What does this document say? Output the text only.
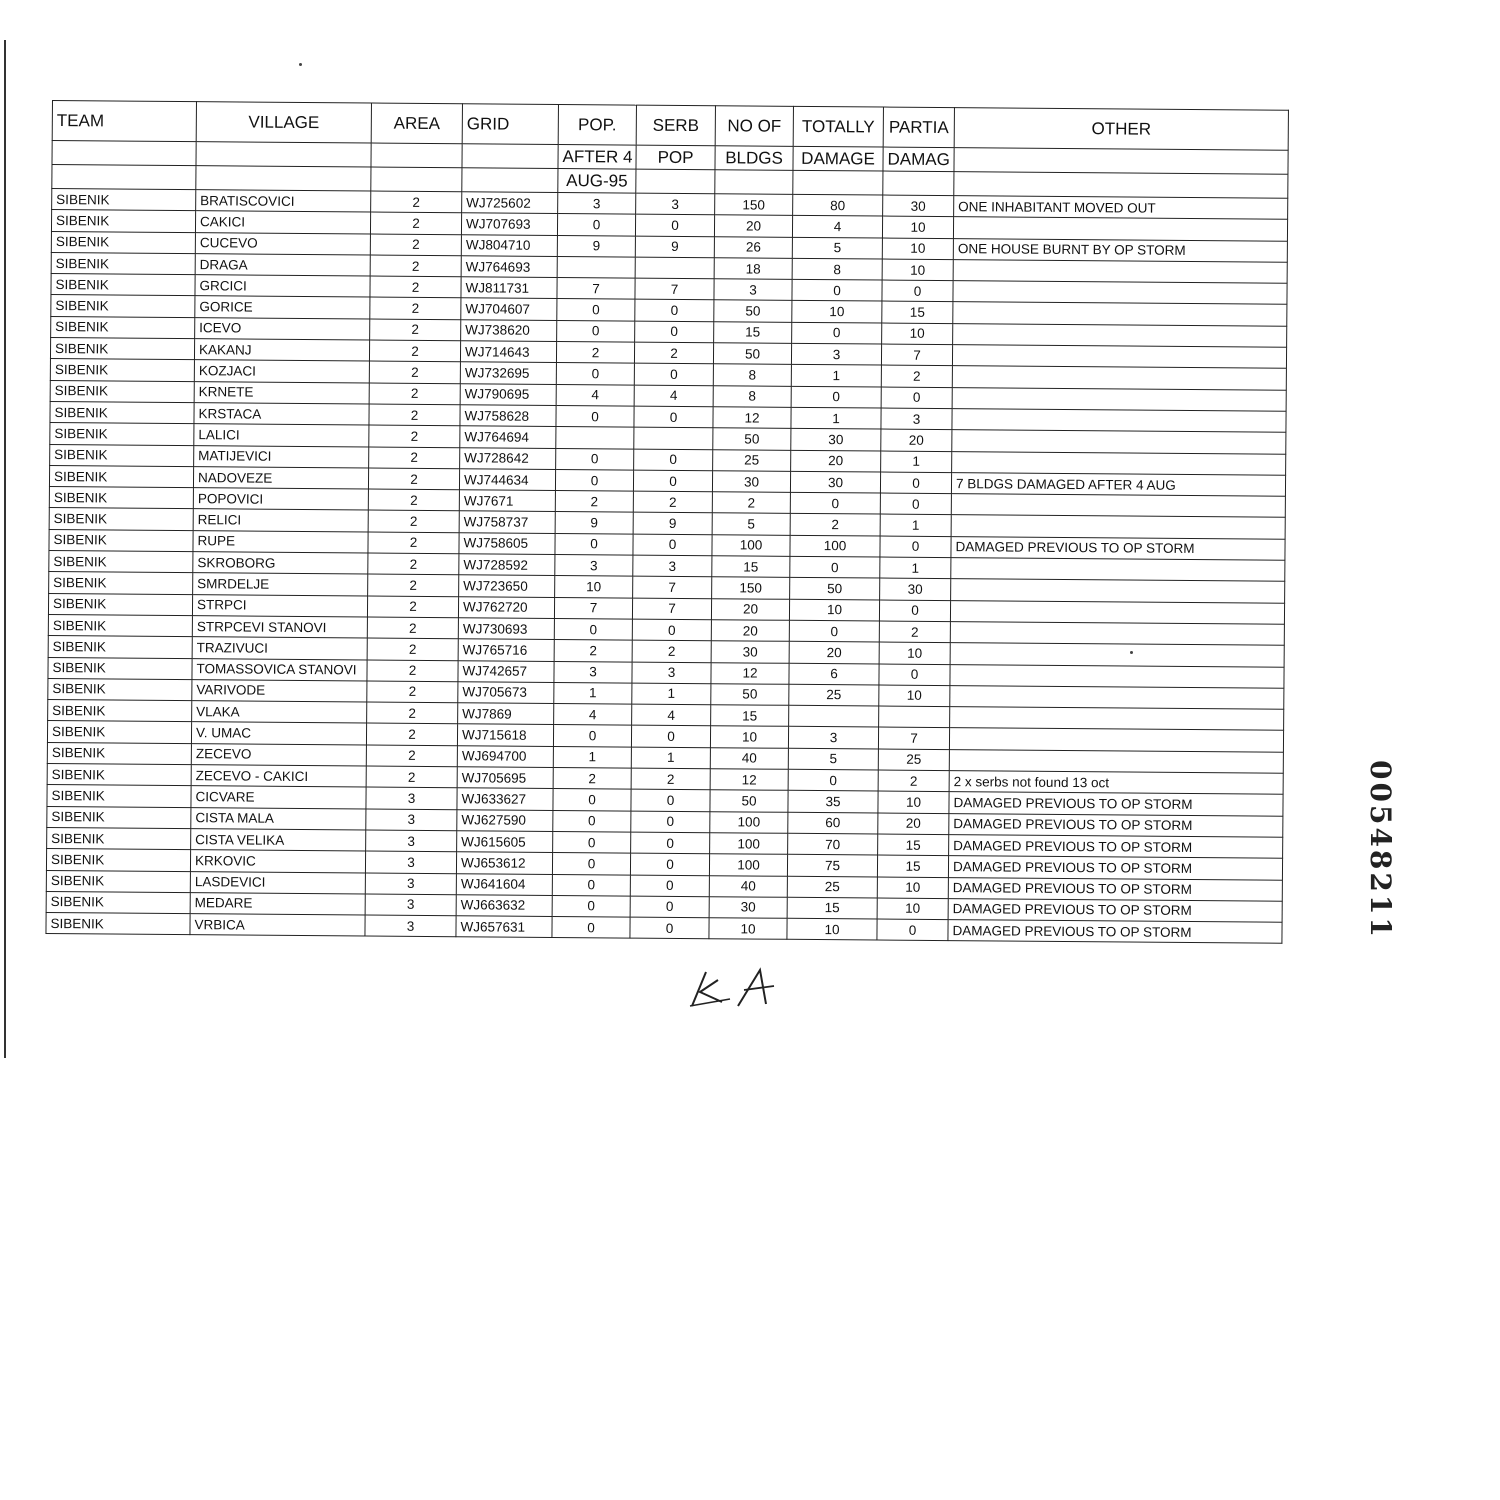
TEAM	VILLAGE	AREA	GRID	POP.	SERB	NO OF	TOTALLY	PARTIA	OTHER
				AFTER 4	POP	BLDGS	DAMAGE	DAMAG	
				AUG-95					
SIBENIK	BRATISCOVICI	2	WJ725602	3	3	150	80	30	ONE INHABITANT MOVED OUT
SIBENIK	CAKICI	2	WJ707693	0	0	20	4	10	
SIBENIK	CUCEVO	2	WJ804710	9	9	26	5	10	ONE HOUSE BURNT BY OP STORM
SIBENIK	DRAGA	2	WJ764693			18	8	10	
SIBENIK	GRCICI	2	WJ811731	7	7	3	0	0	
SIBENIK	GORICE	2	WJ704607	0	0	50	10	15	
SIBENIK	ICEVO	2	WJ738620	0	0	15	0	10	
SIBENIK	KAKANJ	2	WJ714643	2	2	50	3	7	
SIBENIK	KOZJACI	2	WJ732695	0	0	8	1	2	
SIBENIK	KRNETE	2	WJ790695	4	4	8	0	0	
SIBENIK	KRSTACA	2	WJ758628	0	0	12	1	3	
SIBENIK	LALICI	2	WJ764694			50	30	20	
SIBENIK	MATIJEVICI	2	WJ728642	0	0	25	20	1	
SIBENIK	NADOVEZE	2	WJ744634	0	0	30	30	0	7 BLDGS DAMAGED AFTER 4 AUG
SIBENIK	POPOVICI	2	WJ7671	2	2	2	0	0	
SIBENIK	RELICI	2	WJ758737	9	9	5	2	1	
SIBENIK	RUPE	2	WJ758605	0	0	100	100	0	DAMAGED PREVIOUS TO OP STORM
SIBENIK	SKROBORG	2	WJ728592	3	3	15	0	1	
SIBENIK	SMRDELJE	2	WJ723650	10	7	150	50	30	
SIBENIK	STRPCI	2	WJ762720	7	7	20	10	0	
SIBENIK	STRPCEVI STANOVI	2	WJ730693	0	0	20	0	2	
SIBENIK	TRAZIVUCI	2	WJ765716	2	2	30	20	10	
SIBENIK	TOMASSOVICA STANOVI	2	WJ742657	3	3	12	6	0	
SIBENIK	VARIVODE	2	WJ705673	1	1	50	25	10	
SIBENIK	VLAKA	2	WJ7869	4	4	15			
SIBENIK	V. UMAC	2	WJ715618	0	0	10	3	7	
SIBENIK	ZECEVO	2	WJ694700	1	1	40	5	25	
SIBENIK	ZECEVO - CAKICI	2	WJ705695	2	2	12	0	2	2 x serbs not found 13 oct
SIBENIK	CICVARE	3	WJ633627	0	0	50	35	10	DAMAGED PREVIOUS TO OP STORM
SIBENIK	CISTA MALA	3	WJ627590	0	0	100	60	20	DAMAGED PREVIOUS TO OP STORM
SIBENIK	CISTA VELIKA	3	WJ615605	0	0	100	70	15	DAMAGED PREVIOUS TO OP STORM
SIBENIK	KRKOVIC	3	WJ653612	0	0	100	75	15	DAMAGED PREVIOUS TO OP STORM
SIBENIK	LASDEVICI	3	WJ641604	0	0	40	25	10	DAMAGED PREVIOUS TO OP STORM
SIBENIK	MEDARE	3	WJ663632	0	0	30	15	10	DAMAGED PREVIOUS TO OP STORM
SIBENIK	VRBICA	3	WJ657631	0	0	10	10	0	DAMAGED PREVIOUS TO OP STORM	00548211
